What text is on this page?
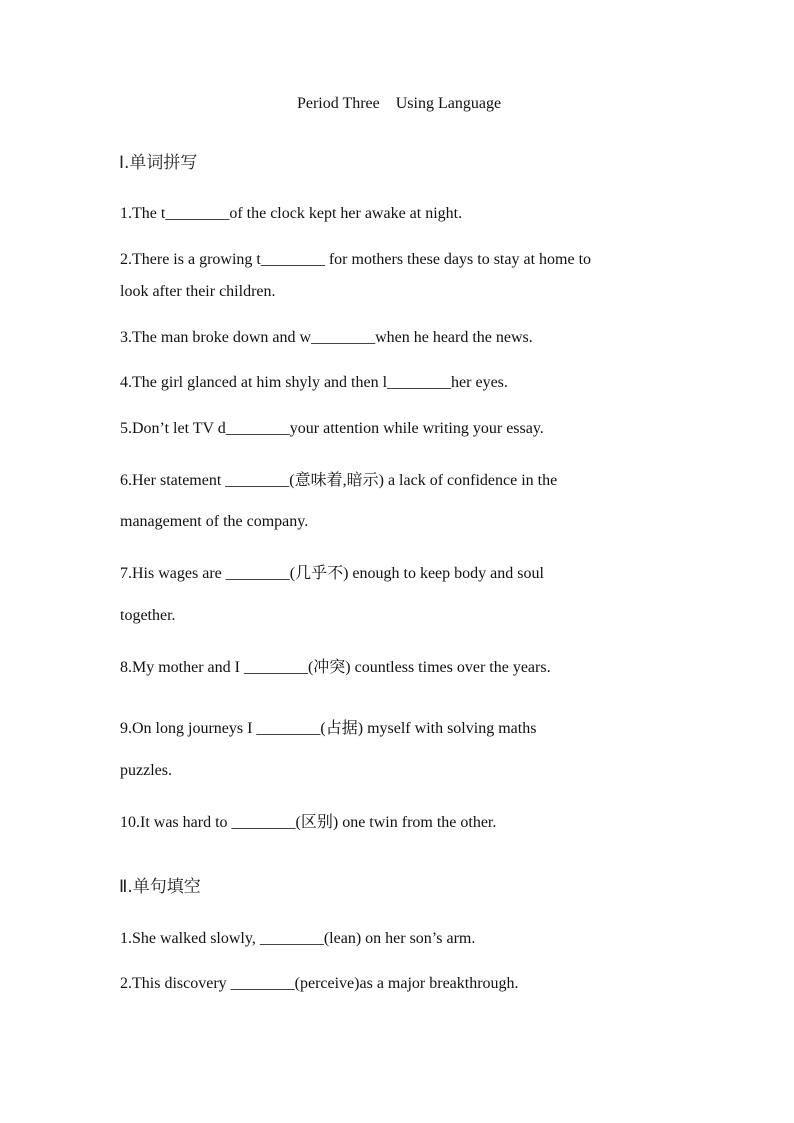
Period Three    Using Language
Ⅰ.单词拼写
1.The t________of the clock kept her awake at night.
2.There is a growing t________ for mothers these days to stay at home to
look after their children.
3.The man broke down and w________when he heard the news.
4.The girl glanced at him shyly and then l________her eyes.
5.Don’t let TV d________your attention while writing your essay.
6.Her statement ________(意味着,暗示) a lack of confidence in the
management of the company.
7.His wages are ________(几乎不) enough to keep body and soul
together.
8.My mother and I ________(冲突) countless times over the years.
9.On long journeys I ________(占据) myself with solving maths
puzzles.
10.It was hard to ________(区别) one twin from the other.
Ⅱ.单句填空
1.She walked slowly, ________(lean) on her son’s arm.
2.This discovery ________(perceive)as a major breakthrough.
